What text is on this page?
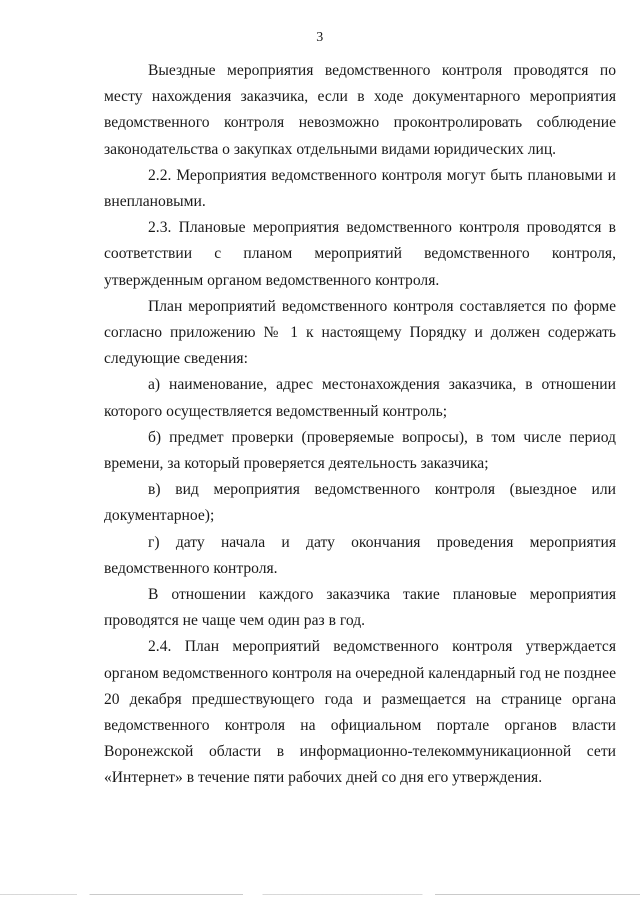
3

Выездные мероприятия ведомственного контроля проводятся по месту нахождения заказчика, если в ходе документарного мероприятия ведомственного контроля невозможно проконтролировать соблюдение законодательства о закупках отдельными видами юридических лиц.

2.2. Мероприятия ведомственного контроля могут быть плановыми и внеплановыми.

2.3. Плановые мероприятия ведомственного контроля проводятся в соответствии с планом мероприятий ведомственного контроля, утвержденным органом ведомственного контроля.

План мероприятий ведомственного контроля составляется по форме согласно приложению № 1 к настоящему Порядку и должен содержать следующие сведения:

а) наименование, адрес местонахождения заказчика, в отношении которого осуществляется ведомственный контроль;

б) предмет проверки (проверяемые вопросы), в том числе период времени, за который проверяется деятельность заказчика;

в) вид мероприятия ведомственного контроля (выездное или документарное);

г) дату начала и дату окончания проведения мероприятия ведомственного контроля.

В отношении каждого заказчика такие плановые мероприятия проводятся не чаще чем один раз в год.

2.4. План мероприятий ведомственного контроля утверждается органом ведомственного контроля на очередной календарный год не позднее 20 декабря предшествующего года и размещается на странице органа ведомственного контроля на официальном портале органов власти Воронежской области в информационно-телекоммуникационной сети «Интернет» в течение пяти рабочих дней со дня его утверждения.
